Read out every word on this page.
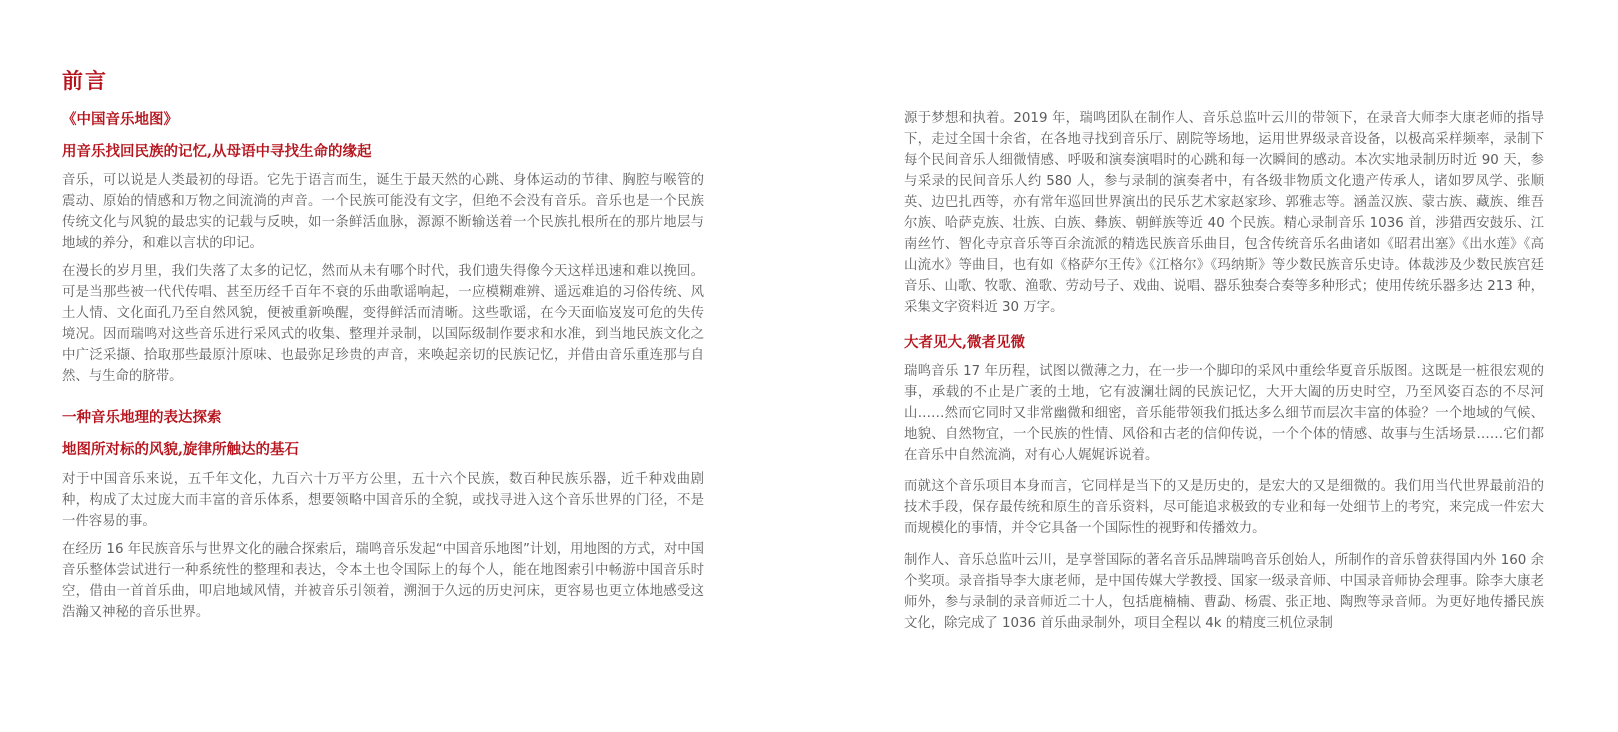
前言
《中国音乐地图》
用音乐找回民族的记忆,从母语中寻找生命的缘起

音乐，可以说是人类最初的母语。它先于语言而生，诞生于最天然的心跳、身体运动的节律、胸腔与喉管的震动、原始的情感和万物之间流淌的声音。一个民族可能没有文字，但绝不会没有音乐。音乐也是一个民族传统文化与风貌的最忠实的记载与反映，如一条鲜活血脉，源源不断输送着一个民族扎根所在的那片地层与地域的养分，和难以言状的印记。

在漫长的岁月里，我们失落了太多的记忆，然而从未有哪个时代，我们遗失得像今天这样迅速和难以挽回。可是当那些被一代代传唱、甚至历经千百年不衰的乐曲歌谣响起，一应模糊难辨、遥远难追的习俗传统、风土人情、文化面孔乃至自然风貌，便被重新唤醒，变得鲜活而清晰。这些歌谣，在今天面临岌岌可危的失传境况。因而瑞鸣对这些音乐进行采风式的收集、整理并录制，以国际级制作要求和水准，到当地民族文化之中广泛采撷、拾取那些最原汁原味、也最弥足珍贵的声音，来唤起亲切的民族记忆，并借由音乐重连那与自然、与生命的脐带。

一种音乐地理的表达探索
地图所对标的风貌,旋律所触达的基石

对于中国音乐来说，五千年文化，九百六十万平方公里，五十六个民族，数百种民族乐器，近千种戏曲剧种，构成了太过庞大而丰富的音乐体系，想要领略中国音乐的全貌，或找寻进入这个音乐世界的门径，不是一件容易的事。

在经历 16 年民族音乐与世界文化的融合探索后，瑞鸣音乐发起“中国音乐地图”计划，用地图的方式，对中国音乐整体尝试进行一种系统性的整理和表达，令本土也令国际上的每个人，能在地图索引中畅游中国音乐时空，借由一首首乐曲，叩启地域风情，并被音乐引领着，溯洄于久远的历史河床，更容易也更立体地感受这浩瀚又神秘的音乐世界。

源于梦想和执着。2019 年，瑞鸣团队在制作人、音乐总监叶云川的带领下，在录音大师李大康老师的指导下，走过全国十余省，在各地寻找到音乐厅、剧院等场地，运用世界级录音设备，以极高采样频率，录制下每个民间音乐人细微情感、呼吸和演奏演唱时的心跳和每一次瞬间的感动。本次实地录制历时近 90 天，参与采录的民间音乐人约 580 人，参与录制的演奏者中，有各级非物质文化遗产传承人，诸如罗凤学、张顺英、边巴扎西等，亦有常年巡回世界演出的民乐艺术家赵家珍、郭雅志等。涵盖汉族、蒙古族、藏族、维吾尔族、哈萨克族、壮族、白族、彝族、朝鲜族等近 40 个民族。精心录制音乐 1036 首，涉猎西安鼓乐、江南丝竹、智化寺京音乐等百余流派的精选民族音乐曲目，包含传统音乐名曲诸如《昭君出塞》《出水莲》《高山流水》等曲目，也有如《格萨尔王传》《江格尔》《玛纳斯》等少数民族音乐史诗。体裁涉及少数民族宫廷音乐、山歌、牧歌、渔歌、劳动号子、戏曲、说唱、器乐独奏合奏等多种形式；使用传统乐器多达 213 种，采集文字资料近 30 万字。

大者见大,微者见微

瑞鸣音乐 17 年历程，试图以微薄之力，在一步一个脚印的采风中重绘华夏音乐版图。这既是一桩很宏观的事，承载的不止是广袤的土地，它有波澜壮阔的民族记忆，大开大阖的历史时空，乃至风姿百态的不尽河山……然而它同时又非常幽微和细密，音乐能带领我们抵达多么细节而层次丰富的体验？一个地域的气候、地貌、自然物宜，一个民族的性情、风俗和古老的信仰传说，一个个体的情感、故事与生活场景……它们都在音乐中自然流淌，对有心人娓娓诉说着。

而就这个音乐项目本身而言，它同样是当下的又是历史的，是宏大的又是细微的。我们用当代世界最前沿的技术手段，保存最传统和原生的音乐资料，尽可能追求极致的专业和每一处细节上的考究，来完成一件宏大而规模化的事情，并令它具备一个国际性的视野和传播效力。

制作人、音乐总监叶云川，是享誉国际的著名音乐品牌瑞鸣音乐创始人，所制作的音乐曾获得国内外 160 余个奖项。录音指导李大康老师，是中国传媒大学教授、国家一级录音师、中国录音师协会理事。除李大康老师外，参与录制的录音师近二十人，包括鹿楠楠、曹勐、杨震、张正地、陶煦等录音师。为更好地传播民族文化，除完成了 1036 首乐曲录制外，项目全程以 4k 的精度三机位录制
